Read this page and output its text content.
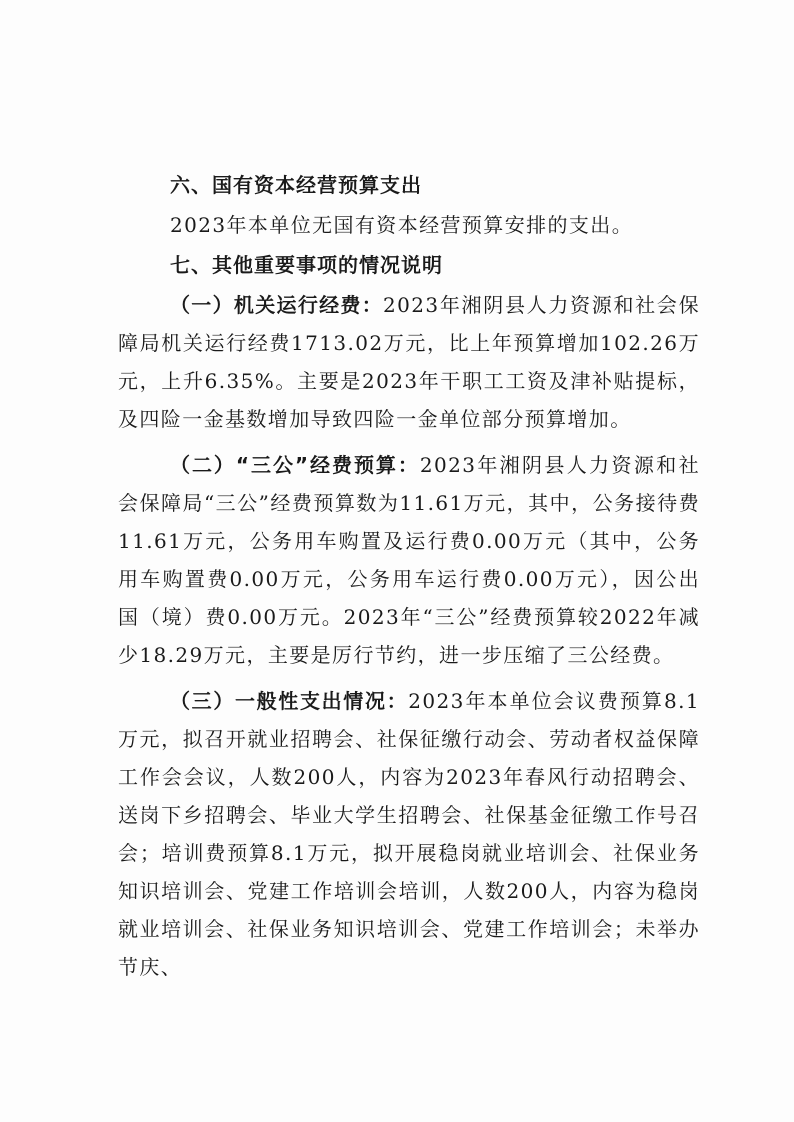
六、国有资本经营预算支出

2023年本单位无国有资本经营预算安排的支出。

七、其他重要事项的情况说明

（一）机关运行经费：2023年湘阴县人力资源和社会保障局机关运行经费1713.02万元，比上年预算增加102.26万元，上升6.35%。主要是2023年干职工工资及津补贴提标，及四险一金基数增加导致四险一金单位部分预算增加。

（二）“三公”经费预算：2023年湘阴县人力资源和社会保障局“三公”经费预算数为11.61万元，其中，公务接待费11.61万元，公务用车购置及运行费0.00万元（其中，公务用车购置费0.00万元，公务用车运行费0.00万元），因公出国（境）费0.00万元。2023年“三公”经费预算较2022年减少18.29万元，主要是厉行节约，进一步压缩了三公经费。

（三）一般性支出情况：2023年本单位会议费预算8.1万元，拟召开就业招聘会、社保征缴行动会、劳动者权益保障工作会会议，人数200人，内容为2023年春风行动招聘会、送岗下乡招聘会、毕业大学生招聘会、社保基金征缴工作号召会；培训费预算8.1万元，拟开展稳岗就业培训会、社保业务知识培训会、党建工作培训会培训，人数200人，内容为稳岗就业培训会、社保业务知识培训会、党建工作培训会；未举办节庆、
